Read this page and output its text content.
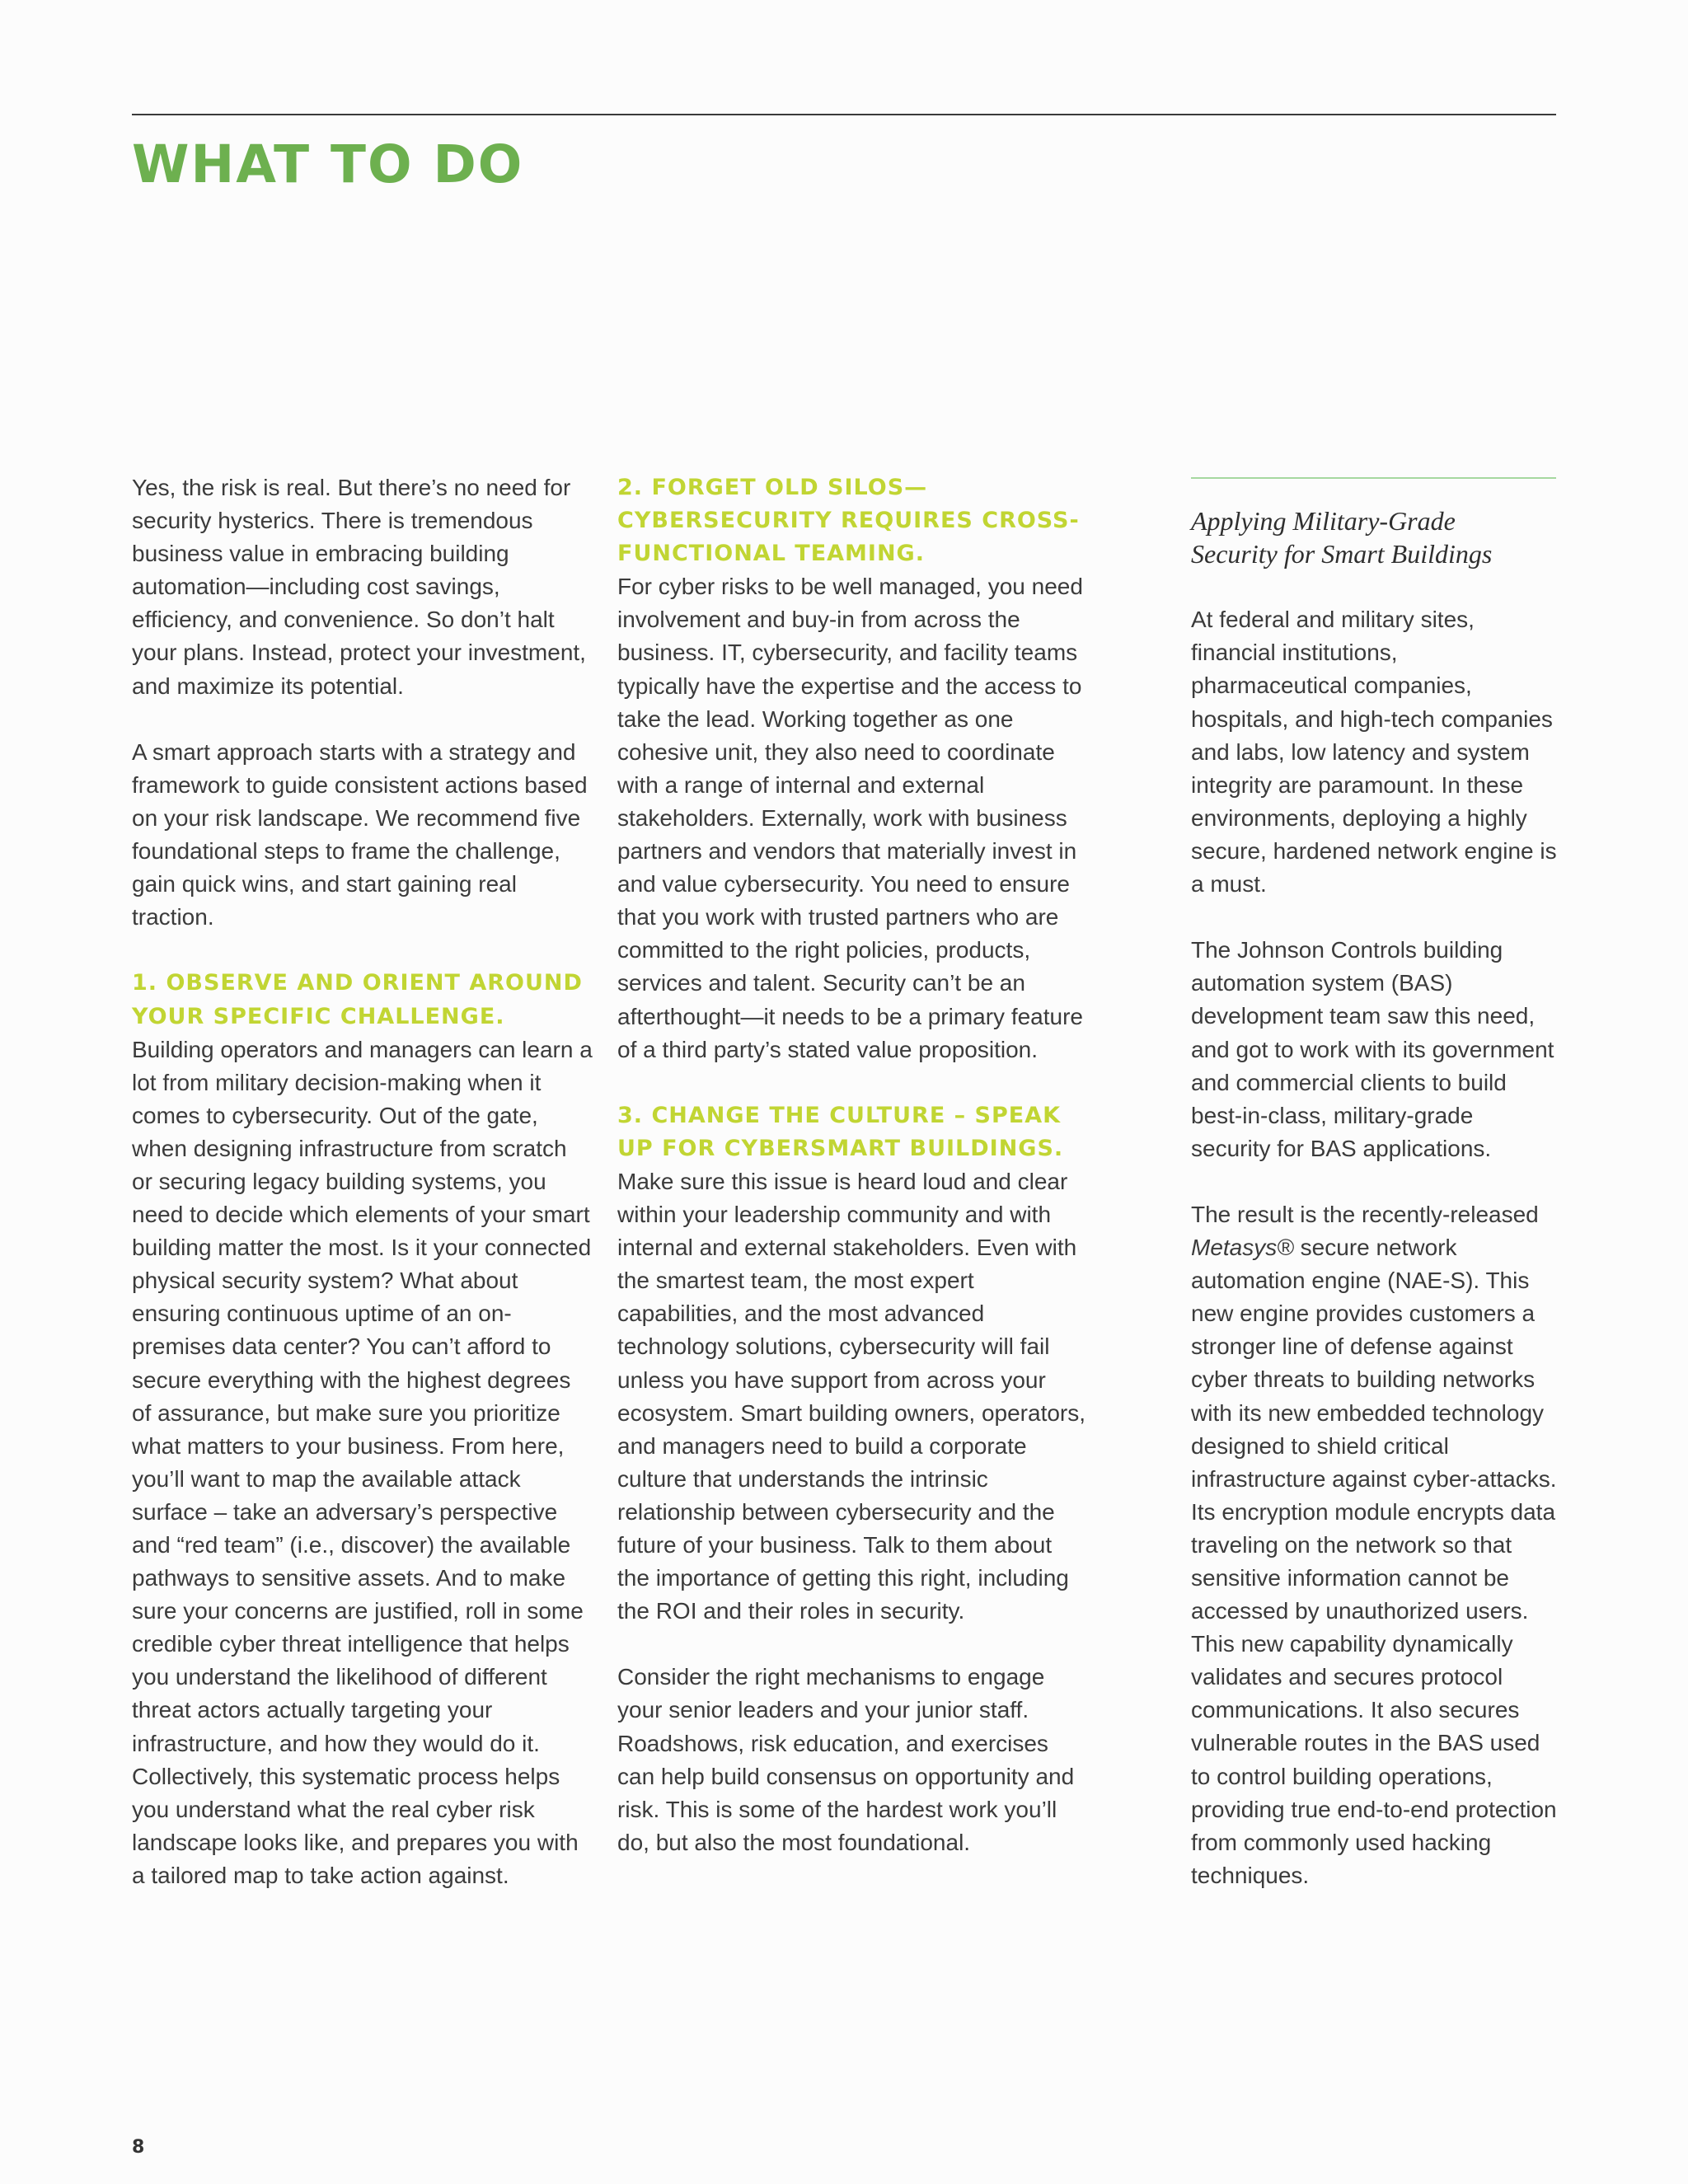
WHAT TO DO

Yes, the risk is real. But there’s no need for security hysterics. There is tremendous business value in embracing building automation—including cost savings, efficiency, and convenience. So don’t halt your plans. Instead, protect your investment, and maximize its potential.

A smart approach starts with a strategy and framework to guide consistent actions based on your risk landscape. We recommend five foundational steps to frame the challenge, gain quick wins, and start gaining real traction.

1. OBSERVE AND ORIENT AROUND YOUR SPECIFIC CHALLENGE.

Building operators and managers can learn a lot from military decision-making when it comes to cybersecurity. Out of the gate, when designing infrastructure from scratch or securing legacy building systems, you need to decide which elements of your smart building matter the most. Is it your connected physical security system? What about ensuring continuous uptime of an on-premises data center? You can’t afford to secure everything with the highest degrees of assurance, but make sure you prioritize what matters to your business. From here, you’ll want to map the available attack surface – take an adversary’s perspective and “red team” (i.e., discover) the available pathways to sensitive assets. And to make sure your concerns are justified, roll in some credible cyber threat intelligence that helps you understand the likelihood of different threat actors actually targeting your infrastructure, and how they would do it. Collectively, this systematic process helps you understand what the real cyber risk landscape looks like, and prepares you with a tailored map to take action against.

2. FORGET OLD SILOS—CYBERSECURITY REQUIRES CROSS-FUNCTIONAL TEAMING.

For cyber risks to be well managed, you need involvement and buy-in from across the business. IT, cybersecurity, and facility teams typically have the expertise and the access to take the lead. Working together as one cohesive unit, they also need to coordinate with a range of internal and external stakeholders. Externally, work with business partners and vendors that materially invest in and value cybersecurity. You need to ensure that you work with trusted partners who are committed to the right policies, products, services and talent. Security can’t be an afterthought—it needs to be a primary feature of a third party’s stated value proposition.

3. CHANGE THE CULTURE – SPEAK UP FOR CYBERSMART BUILDINGS.

Make sure this issue is heard loud and clear within your leadership community and with internal and external stakeholders. Even with the smartest team, the most expert capabilities, and the most advanced technology solutions, cybersecurity will fail unless you have support from across your ecosystem. Smart building owners, operators, and managers need to build a corporate culture that understands the intrinsic relationship between cybersecurity and the future of your business. Talk to them about the importance of getting this right, including the ROI and their roles in security.

Consider the right mechanisms to engage your senior leaders and your junior staff. Roadshows, risk education, and exercises can help build consensus on opportunity and risk. This is some of the hardest work you’ll do, but also the most foundational.

Applying Military-Grade
Security for Smart Buildings

At federal and military sites, financial institutions, pharmaceutical companies, hospitals, and high-tech companies and labs, low latency and system integrity are paramount. In these environments, deploying a highly secure, hardened network engine is a must.

The Johnson Controls building automation system (BAS) development team saw this need, and got to work with its government and commercial clients to build best-in-class, military-grade security for BAS applications.

The result is the recently-released Metasys® secure network automation engine (NAE-S). This new engine provides customers a stronger line of defense against cyber threats to building networks with its new embedded technology designed to shield critical infrastructure against cyber-attacks. Its encryption module encrypts data traveling on the network so that sensitive information cannot be accessed by unauthorized users. This new capability dynamically validates and secures protocol communications. It also secures vulnerable routes in the BAS used to control building operations, providing true end-to-end protection from commonly used hacking techniques.

8
